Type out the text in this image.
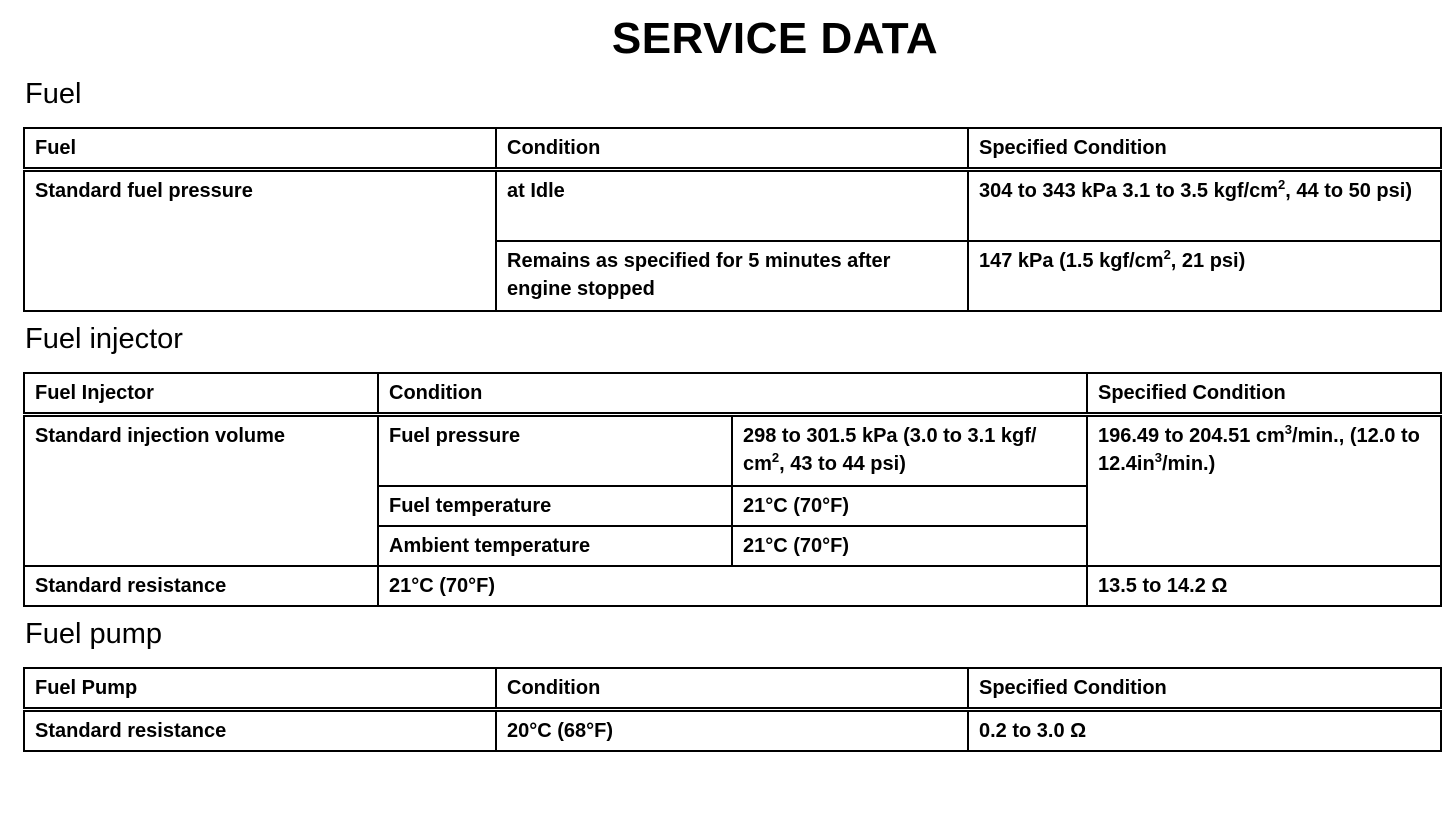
SERVICE DATA
Fuel
Fuel	Condition	Specified Condition
Standard fuel pressure	at Idle	304 to 343 kPa 3.1 to 3.5 kgf/$cm^2$, 44 to 50 psi)
	Remains as specified for 5 minutes after engine stopped	147 kPa (1.5 kgf/$cm^2$, 21 psi)
Fuel injector
Fuel Injector	Condition		Specified Condition
Standard injection volume	Fuel pressure	298 to 301.5 kPa (3.0 to 3.1 kgf/ $cm^2$, 43 to 44 psi)	196.49 to 204.51 $cm^3/\min$., (12.0 to $12.4in^3/\min$.)
	Fuel temperature	21°C (70°F)	
	Ambient temperature	21°C (70°F)	
Standard resistance	21°C (70°F)		13.5 to 14.2 Ω
Fuel pump
Fuel Pump	Condition	Specified Condition
Standard resistance	20°C (68°F)	0.2 to 3.0 Ω
